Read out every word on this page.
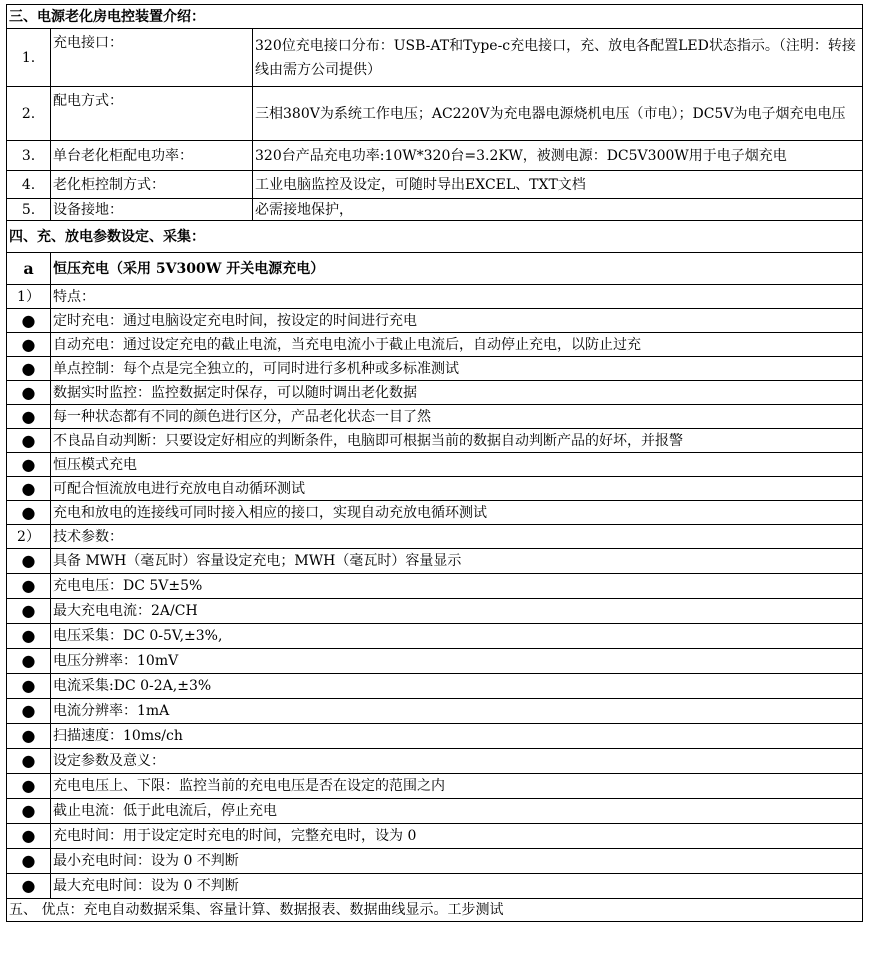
三、电源老化房电控装置介绍：		
1.	充电接口：	320位充电接口分布：USB-AT和Type-c充电接口，充、放电各配置LED状态指示。（注明：转接线由需方公司提供）
2.	配电方式：	三相380V为系统工作电压；AC220V为充电器电源烧机电压（市电）；DC5V为电子烟充电电压
3.	单台老化柜配电功率：	320台产品充电功率:10W*320台=3.2KW，被测电源：DC5V300W用于电子烟充电
4.	老化柜控制方式：	工业电脑监控及设定，可随时导出EXCEL、TXT文档
5.	设备接地：	必需接地保护，
四、充、放电参数设定、采集：		
a	恒压充电（采用 5V300W 开关电源充电）	
1）	特点：	
●	定时充电：通过电脑设定充电时间，按设定的时间进行充电	
●	自动充电：通过设定充电的截止电流，当充电电流小于截止电流后，自动停止充电，以防止过充	
●	单点控制：每个点是完全独立的，可同时进行多机种或多标准测试	
●	数据实时监控：监控数据定时保存，可以随时调出老化数据	
●	每一种状态都有不同的颜色进行区分，产品老化状态一目了然	
●	不良品自动判断：只要设定好相应的判断条件，电脑即可根据当前的数据自动判断产品的好坏，并报警	
●	恒压模式充电	
●	可配合恒流放电进行充放电自动循环测试	
●	充电和放电的连接线可同时接入相应的接口，实现自动充放电循环测试	
2）	技术参数：	
●	具备 MWH（毫瓦时）容量设定充电；MWH（毫瓦时）容量显示	
●	充电电压：DC 5V±5%	
●	最大充电电流：2A/CH	
●	电压采集：DC 0-5V,±3%,	
●	电压分辨率：10mV	
●	电流采集:DC 0-2A,±3%	
●	电流分辨率：1mA	
●	扫描速度：10ms/ch	
●	设定参数及意义：	
●	充电电压上、下限：监控当前的充电电压是否在设定的范围之内	
●	截止电流：低于此电流后，停止充电	
●	充电时间：用于设定定时充电的时间，完整充电时，设为 0	
●	最小充电时间：设为 0 不判断	
●	最大充电时间：设为 0 不判断	
五、 优点：充电自动数据采集、容量计算、数据报表、数据曲线显示。工步测试		
